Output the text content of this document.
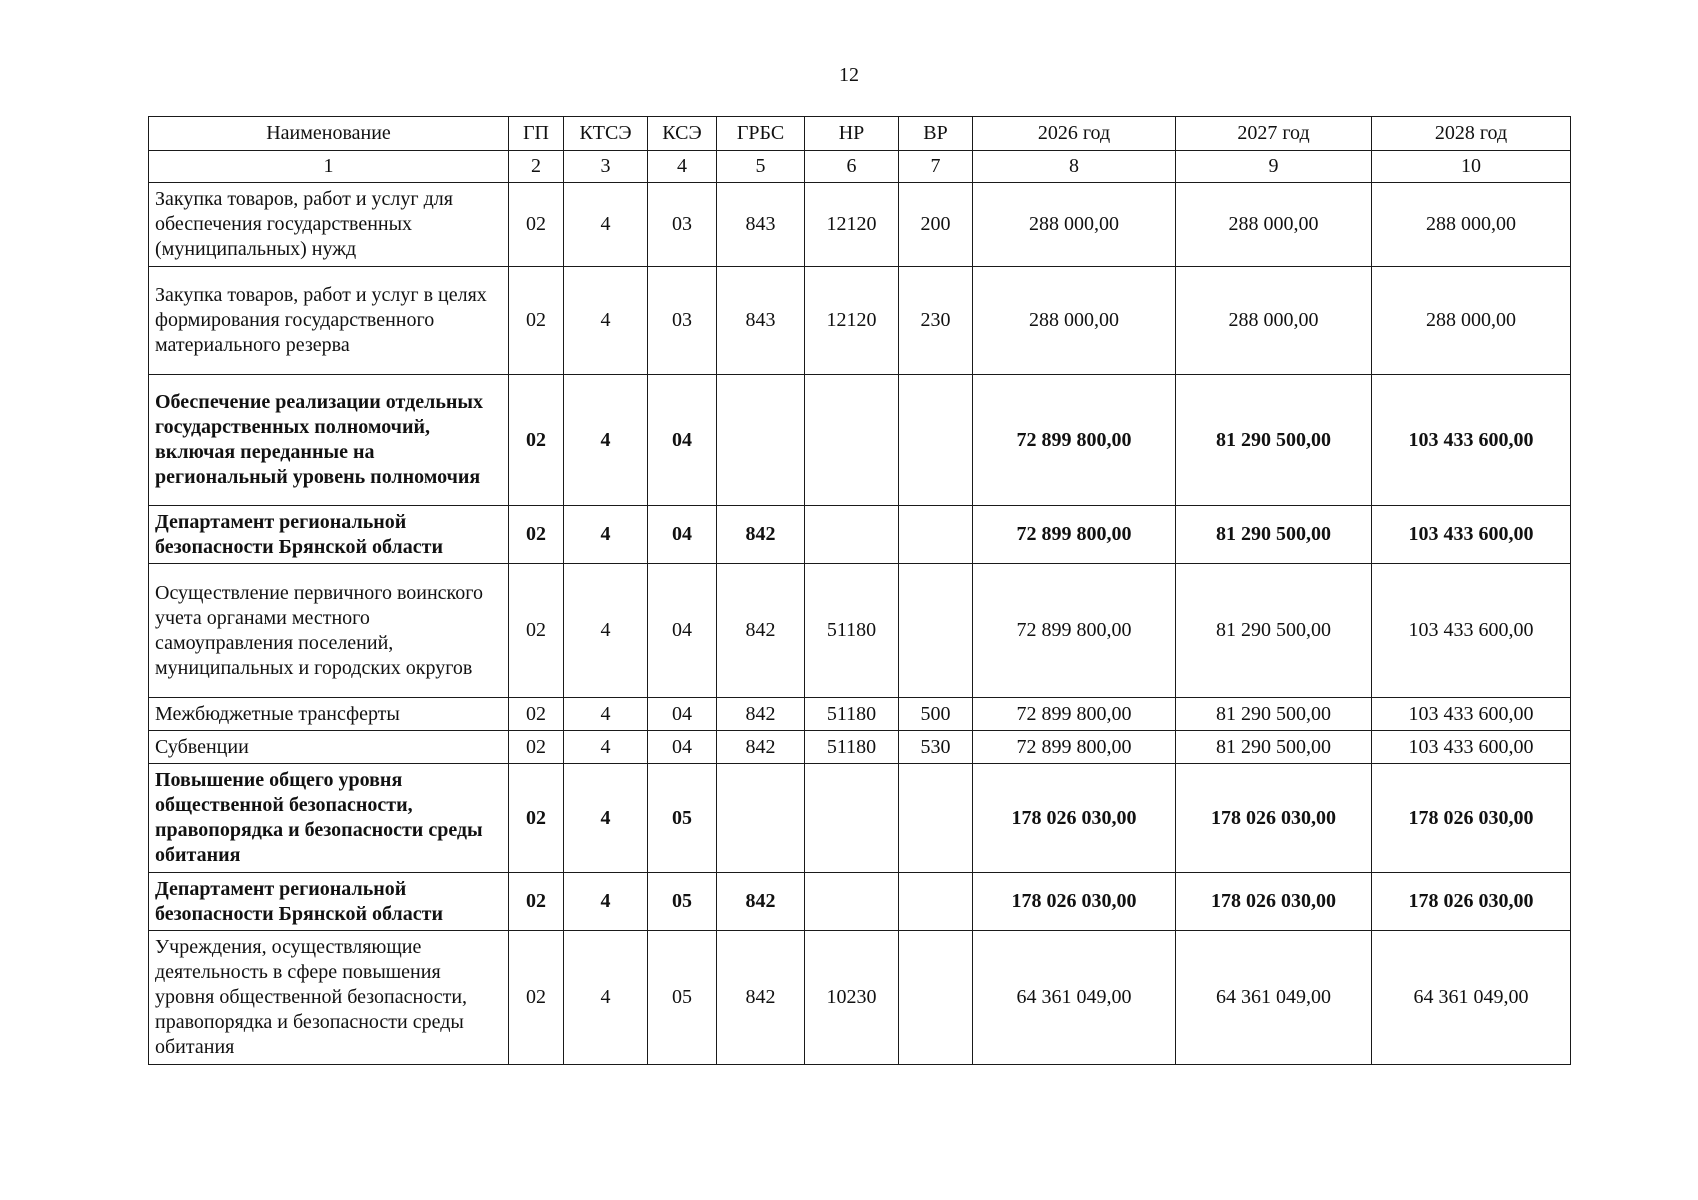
12
Наименование	ГП	КТСЭ	КСЭ	ГРБС	НР	ВР	2026 год	2027 год	2028 год
1	2	3	4	5	6	7	8	9	10
Закупка товаров, работ и услуг для обеспечения государственных (муниципальных) нужд	02	4	03	843	12120	200	288 000,00	288 000,00	288 000,00
Закупка товаров, работ и услуг в целях формирования государственного материального резерва	02	4	03	843	12120	230	288 000,00	288 000,00	288 000,00
Обеспечение реализации отдельных государственных полномочий, включая переданные на региональный уровень полномочия	02	4	04				72 899 800,00	81 290 500,00	103 433 600,00
Департамент региональной безопасности Брянской области	02	4	04	842			72 899 800,00	81 290 500,00	103 433 600,00
Осуществление первичного воинского учета органами местного самоуправления поселений, муниципальных и городских округов	02	4	04	842	51180		72 899 800,00	81 290 500,00	103 433 600,00
Межбюджетные трансферты	02	4	04	842	51180	500	72 899 800,00	81 290 500,00	103 433 600,00
Субвенции	02	4	04	842	51180	530	72 899 800,00	81 290 500,00	103 433 600,00
Повышение общего уровня общественной безопасности, правопорядка и безопасности среды обитания	02	4	05				178 026 030,00	178 026 030,00	178 026 030,00
Департамент региональной безопасности Брянской области	02	4	05	842			178 026 030,00	178 026 030,00	178 026 030,00
Учреждения, осуществляющие деятельность в сфере повышения уровня общественной безопасности, правопорядка и безопасности среды обитания	02	4	05	842	10230		64 361 049,00	64 361 049,00	64 361 049,00
